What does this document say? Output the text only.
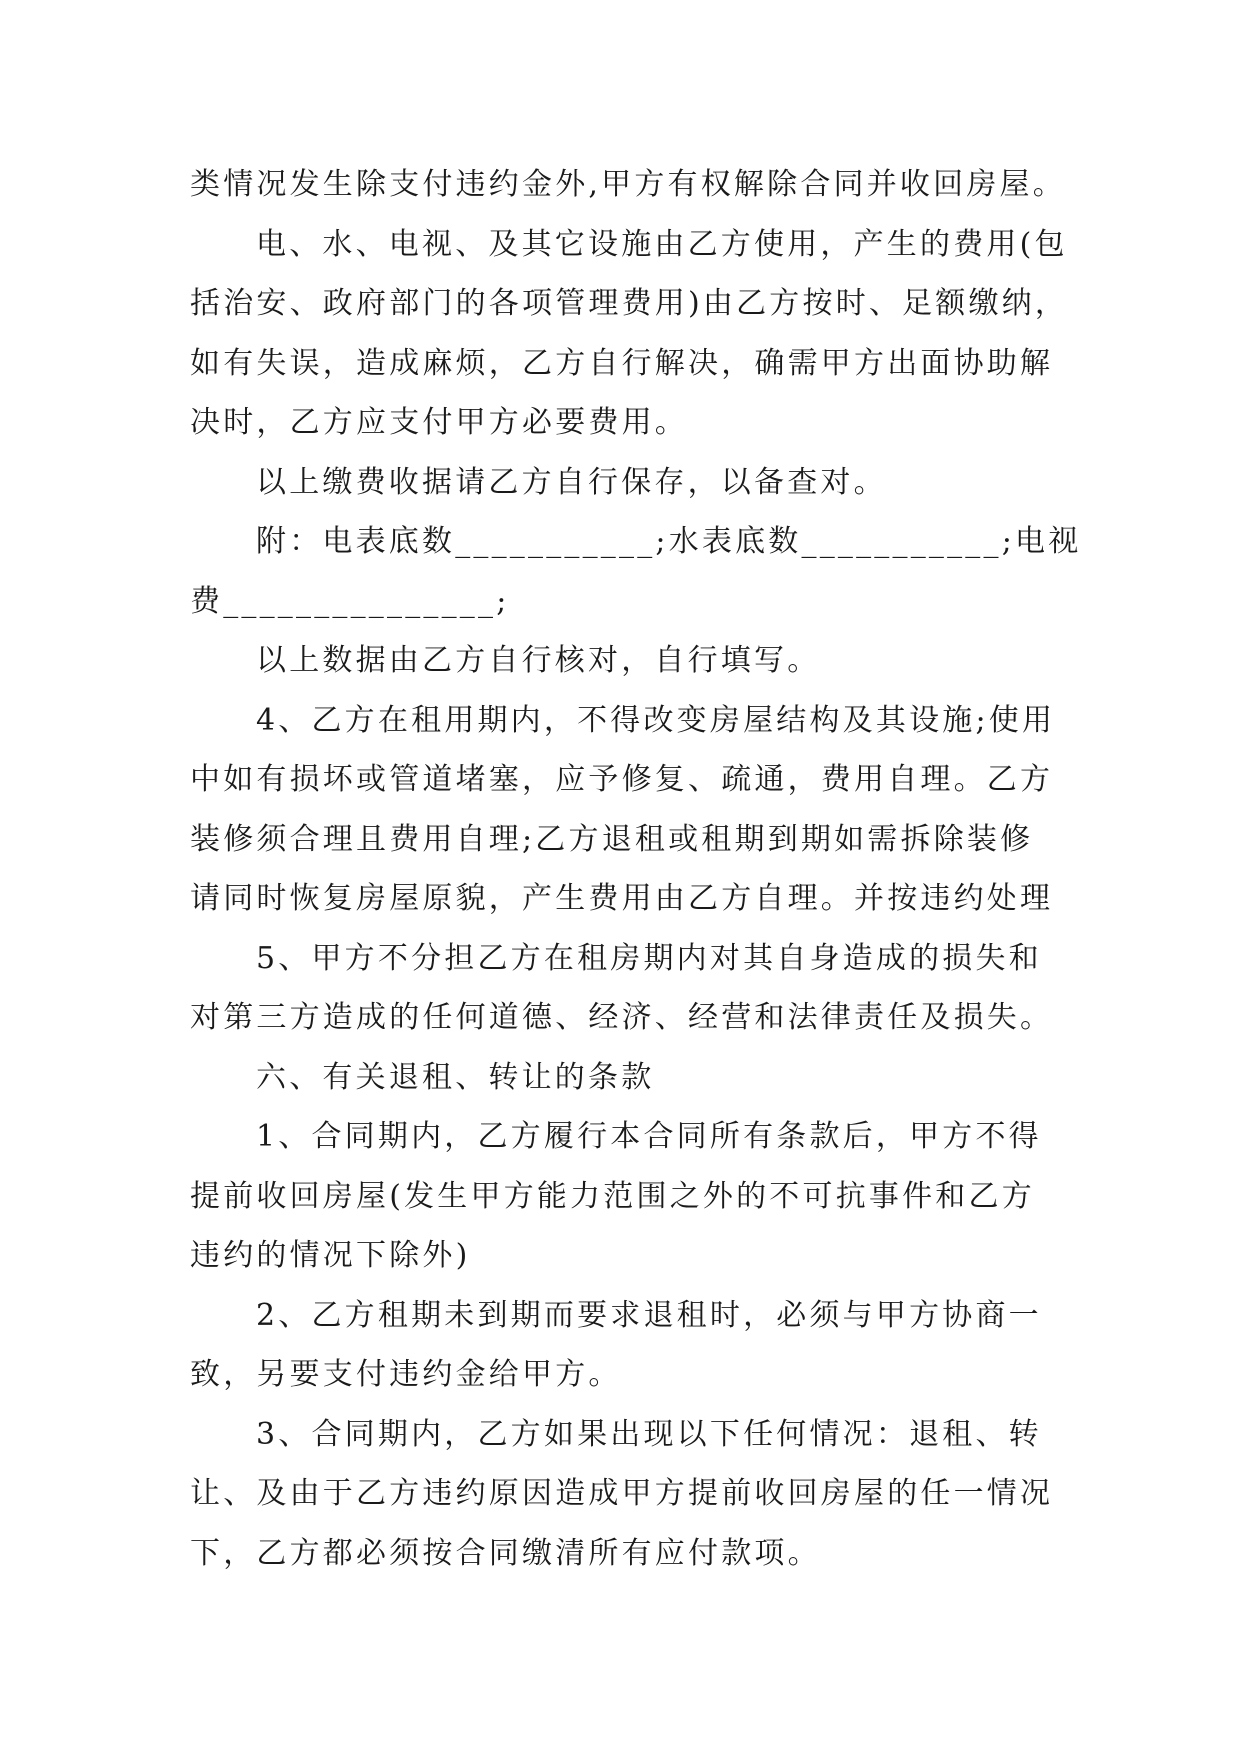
类情况发生除支付违约金外,甲方有权解除合同并收回房屋。
电、水、电视、及其它设施由乙方使用，产生的费用(包
括治安、政府部门的各项管理费用)由乙方按时、足额缴纳，
如有失误，造成麻烦，乙方自行解决，确需甲方出面协助解
决时，乙方应支付甲方必要费用。
以上缴费收据请乙方自行保存，以备查对。
附：电表底数___________;水表底数___________;电视
费_______________;
以上数据由乙方自行核对，自行填写。
4、乙方在租用期内，不得改变房屋结构及其设施;使用
中如有损坏或管道堵塞，应予修复、疏通，费用自理。乙方
装修须合理且费用自理;乙方退租或租期到期如需拆除装修
请同时恢复房屋原貌，产生费用由乙方自理。并按违约处理
5、甲方不分担乙方在租房期内对其自身造成的损失和
对第三方造成的任何道德、经济、经营和法律责任及损失。
六、有关退租、转让的条款
1、合同期内，乙方履行本合同所有条款后，甲方不得
提前收回房屋(发生甲方能力范围之外的不可抗事件和乙方
违约的情况下除外)
2、乙方租期未到期而要求退租时，必须与甲方协商一
致，另要支付违约金给甲方。
3、合同期内，乙方如果出现以下任何情况：退租、转
让、及由于乙方违约原因造成甲方提前收回房屋的任一情况
下，乙方都必须按合同缴清所有应付款项。
